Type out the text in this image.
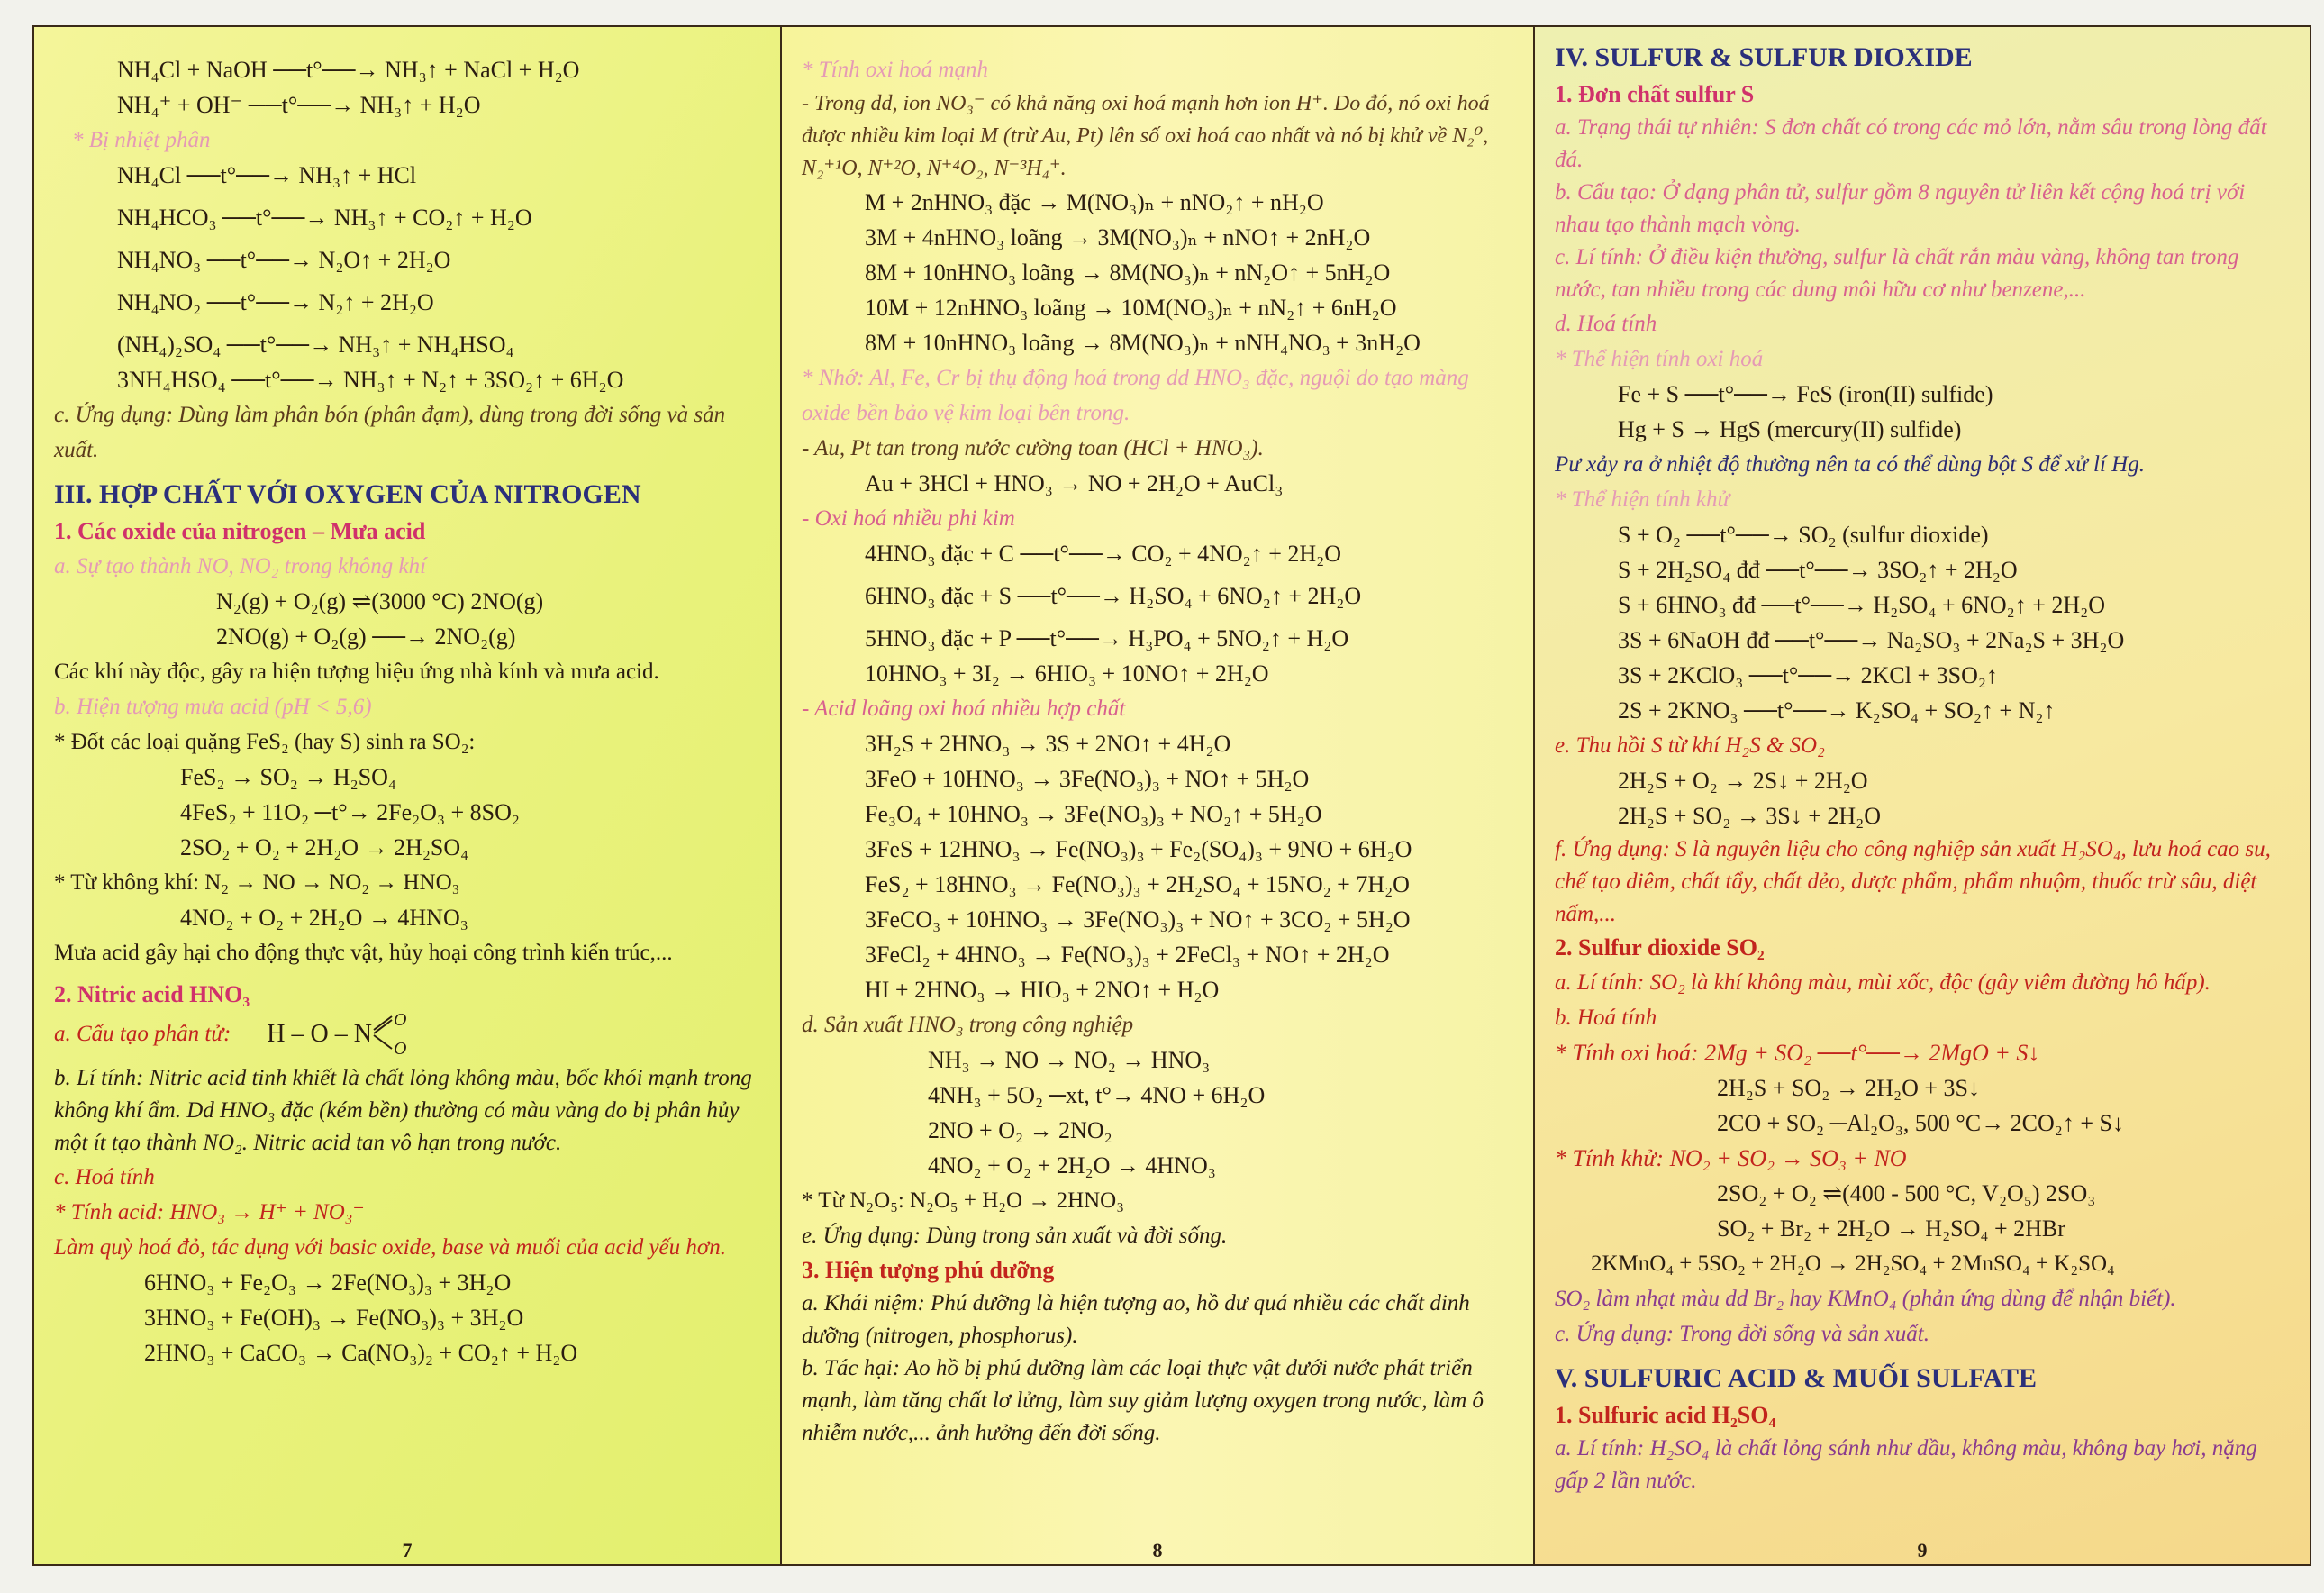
NH₄Cl + NaOH ──t°──→ NH₃↑ + NaCl + H₂O
NH₄⁺ + OH⁻ ──t°──→ NH₃↑ + H₂O
* Bị nhiệt phân
NH₄Cl ──t°──→ NH₃↑ + HCl
NH₄HCO₃ ──t°──→ NH₃↑ + CO₂↑ + H₂O
NH₄NO₃ ──t°──→ N₂O↑ + 2H₂O
NH₄NO₂ ──t°──→ N₂↑ + 2H₂O
(NH₄)₂SO₄ ──t°──→ NH₃↑ + NH₄HSO₄
3NH₄HSO₄ ──t°──→ NH₃↑ + N₂↑ + 3SO₂↑ + 6H₂O
c. Ứng dụng: Dùng làm phân bón (phân đạm), dùng trong đời sống và sản xuất.
III. HỢP CHẤT VỚI OXYGEN CỦA NITROGEN
1. Các oxide của nitrogen – Mưa acid
a. Sự tạo thành NO, NO₂ trong không khí
N₂(g) + O₂(g) ⇌(3000 °C) 2NO(g)
2NO(g) + O₂(g) ──→ 2NO₂(g)
Các khí này độc, gây ra hiện tượng hiệu ứng nhà kính và mưa acid.
b. Hiện tượng mưa acid (pH < 5,6)
* Đốt các loại quặng FeS₂ (hay S) sinh ra SO₂:
FeS₂ → SO₂ → H₂SO₄
4FeS₂ + 11O₂ ─t°→ 2Fe₂O₃ + 8SO₂
2SO₂ + O₂ + 2H₂O → 2H₂SO₄
* Từ không khí: N₂ → NO → NO₂ → HNO₃
4NO₂ + O₂ + 2H₂O → 4HNO₃
Mưa acid gây hại cho động thực vật, hủy hoại công trình kiến trúc,...
2. Nitric acid HNO₃
a. Cấu tạo phân tử: H – O – N O
O
b. Lí tính: Nitric acid tinh khiết là chất lỏng không màu, bốc khói mạnh trong không khí ẩm. Dd HNO₃ đặc (kém bền) thường có màu vàng do bị phân hủy một ít tạo thành NO₂. Nitric acid tan vô hạn trong nước.
c. Hoá tính
* Tính acid: HNO₃ → H⁺ + NO₃⁻
Làm quỳ hoá đỏ, tác dụng với basic oxide, base và muối của acid yếu hơn.
6HNO₃ + Fe₂O₃ → 2Fe(NO₃)₃ + 3H₂O
3HNO₃ + Fe(OH)₃ → Fe(NO₃)₃ + 3H₂O
2HNO₃ + CaCO₃ → Ca(NO₃)₂ + CO₂↑ + H₂O
7
* Tính oxi hoá mạnh
- Trong dd, ion NO₃⁻ có khả năng oxi hoá mạnh hơn ion H⁺. Do đó, nó oxi hoá được nhiều kim loại M (trừ Au, Pt) lên số oxi hoá cao nhất và nó bị khử về N₂⁰, N₂⁺¹O, N⁺²O, N⁺⁴O₂, N⁻³H₄⁺.
M + 2nHNO₃ đặc → M(NO₃)ₙ + nNO₂↑ + nH₂O
3M + 4nHNO₃ loãng → 3M(NO₃)ₙ + nNO↑ + 2nH₂O
8M + 10nHNO₃ loãng → 8M(NO₃)ₙ + nN₂O↑ + 5nH₂O
10M + 12nHNO₃ loãng → 10M(NO₃)ₙ + nN₂↑ + 6nH₂O
8M + 10nHNO₃ loãng → 8M(NO₃)ₙ + nNH₄NO₃ + 3nH₂O
* Nhớ: Al, Fe, Cr bị thụ động hoá trong dd HNO₃ đặc, nguội do tạo màng oxide bền bảo vệ kim loại bên trong.
- Au, Pt tan trong nước cường toan (HCl + HNO₃).
Au + 3HCl + HNO₃ → NO + 2H₂O + AuCl₃
- Oxi hoá nhiều phi kim
4HNO₃ đặc + C ──t°──→ CO₂ + 4NO₂↑ + 2H₂O
6HNO₃ đặc + S ──t°──→ H₂SO₄ + 6NO₂↑ + 2H₂O
5HNO₃ đặc + P ──t°──→ H₃PO₄ + 5NO₂↑ + H₂O
10HNO₃ + 3I₂ → 6HIO₃ + 10NO↑ + 2H₂O
- Acid loãng oxi hoá nhiều hợp chất
3H₂S + 2HNO₃ → 3S + 2NO↑ + 4H₂O
3FeO + 10HNO₃ → 3Fe(NO₃)₃ + NO↑ + 5H₂O
Fe₃O₄ + 10HNO₃ → 3Fe(NO₃)₃ + NO₂↑ + 5H₂O
3FeS + 12HNO₃ → Fe(NO₃)₃ + Fe₂(SO₄)₃ + 9NO + 6H₂O
FeS₂ + 18HNO₃ → Fe(NO₃)₃ + 2H₂SO₄ + 15NO₂ + 7H₂O
3FeCO₃ + 10HNO₃ → 3Fe(NO₃)₃ + NO↑ + 3CO₂ + 5H₂O
3FeCl₂ + 4HNO₃ → Fe(NO₃)₃ + 2FeCl₃ + NO↑ + 2H₂O
HI + 2HNO₃ → HIO₃ + 2NO↑ + H₂O
d. Sản xuất HNO₃ trong công nghiệp
NH₃ → NO → NO₂ → HNO₃
4NH₃ + 5O₂ ─xt, t°→ 4NO + 6H₂O
2NO + O₂ → 2NO₂
4NO₂ + O₂ + 2H₂O → 4HNO₃
* Từ N₂O₅: N₂O₅ + H₂O → 2HNO₃
e. Ứng dụng: Dùng trong sản xuất và đời sống.
3. Hiện tượng phú dưỡng
a. Khái niệm: Phú dưỡng là hiện tượng ao, hồ dư quá nhiều các chất dinh dưỡng (nitrogen, phosphorus).
b. Tác hại: Ao hồ bị phú dưỡng làm các loại thực vật dưới nước phát triển mạnh, làm tăng chất lơ lửng, làm suy giảm lượng oxygen trong nước, làm ô nhiễm nước,... ảnh hưởng đến đời sống.
8
IV. SULFUR & SULFUR DIOXIDE
1. Đơn chất sulfur S
a. Trạng thái tự nhiên: S đơn chất có trong các mỏ lớn, nằm sâu trong lòng đất đá.
b. Cấu tạo: Ở dạng phân tử, sulfur gồm 8 nguyên tử liên kết cộng hoá trị với nhau tạo thành mạch vòng.
c. Lí tính: Ở điều kiện thường, sulfur là chất rắn màu vàng, không tan trong nước, tan nhiều trong các dung môi hữu cơ như benzene,...
d. Hoá tính
* Thể hiện tính oxi hoá
Fe + S ──t°──→ FeS (iron(II) sulfide)
Hg + S → HgS (mercury(II) sulfide)
Pư xảy ra ở nhiệt độ thường nên ta có thể dùng bột S để xử lí Hg.
* Thể hiện tính khử
S + O₂ ──t°──→ SO₂ (sulfur dioxide)
S + 2H₂SO₄ đđ ──t°──→ 3SO₂↑ + 2H₂O
S + 6HNO₃ đđ ──t°──→ H₂SO₄ + 6NO₂↑ + 2H₂O
3S + 6NaOH đđ ──t°──→ Na₂SO₃ + 2Na₂S + 3H₂O
3S + 2KClO₃ ──t°──→ 2KCl + 3SO₂↑
2S + 2KNO₃ ──t°──→ K₂SO₄ + SO₂↑ + N₂↑
e. Thu hồi S từ khí H₂S & SO₂
2H₂S + O₂ → 2S↓ + 2H₂O
2H₂S + SO₂ → 3S↓ + 2H₂O
f. Ứng dụng: S là nguyên liệu cho công nghiệp sản xuất H₂SO₄, lưu hoá cao su, chế tạo diêm, chất tẩy, chất dẻo, dược phẩm, phẩm nhuộm, thuốc trừ sâu, diệt nấm,...
2. Sulfur dioxide SO₂
a. Lí tính: SO₂ là khí không màu, mùi xốc, độc (gây viêm đường hô hấp).
b. Hoá tính
* Tính oxi hoá: 2Mg + SO₂ ──t°──→ 2MgO + S↓
2H₂S + SO₂ → 2H₂O + 3S↓
2CO + SO₂ ─Al₂O₃, 500 °C→ 2CO₂↑ + S↓
* Tính khử: NO₂ + SO₂ → SO₃ + NO
2SO₂ + O₂ ⇌(400 - 500 °C, V₂O₅) 2SO₃
SO₂ + Br₂ + 2H₂O → H₂SO₄ + 2HBr
2KMnO₄ + 5SO₂ + 2H₂O → 2H₂SO₄ + 2MnSO₄ + K₂SO₄
SO₂ làm nhạt màu dd Br₂ hay KMnO₄ (phản ứng dùng để nhận biết).
c. Ứng dụng: Trong đời sống và sản xuất.
V. SULFURIC ACID & MUỐI SULFATE
1. Sulfuric acid H₂SO₄
a. Lí tính: H₂SO₄ là chất lỏng sánh như dầu, không màu, không bay hơi, nặng gấp 2 lần nước.
9
